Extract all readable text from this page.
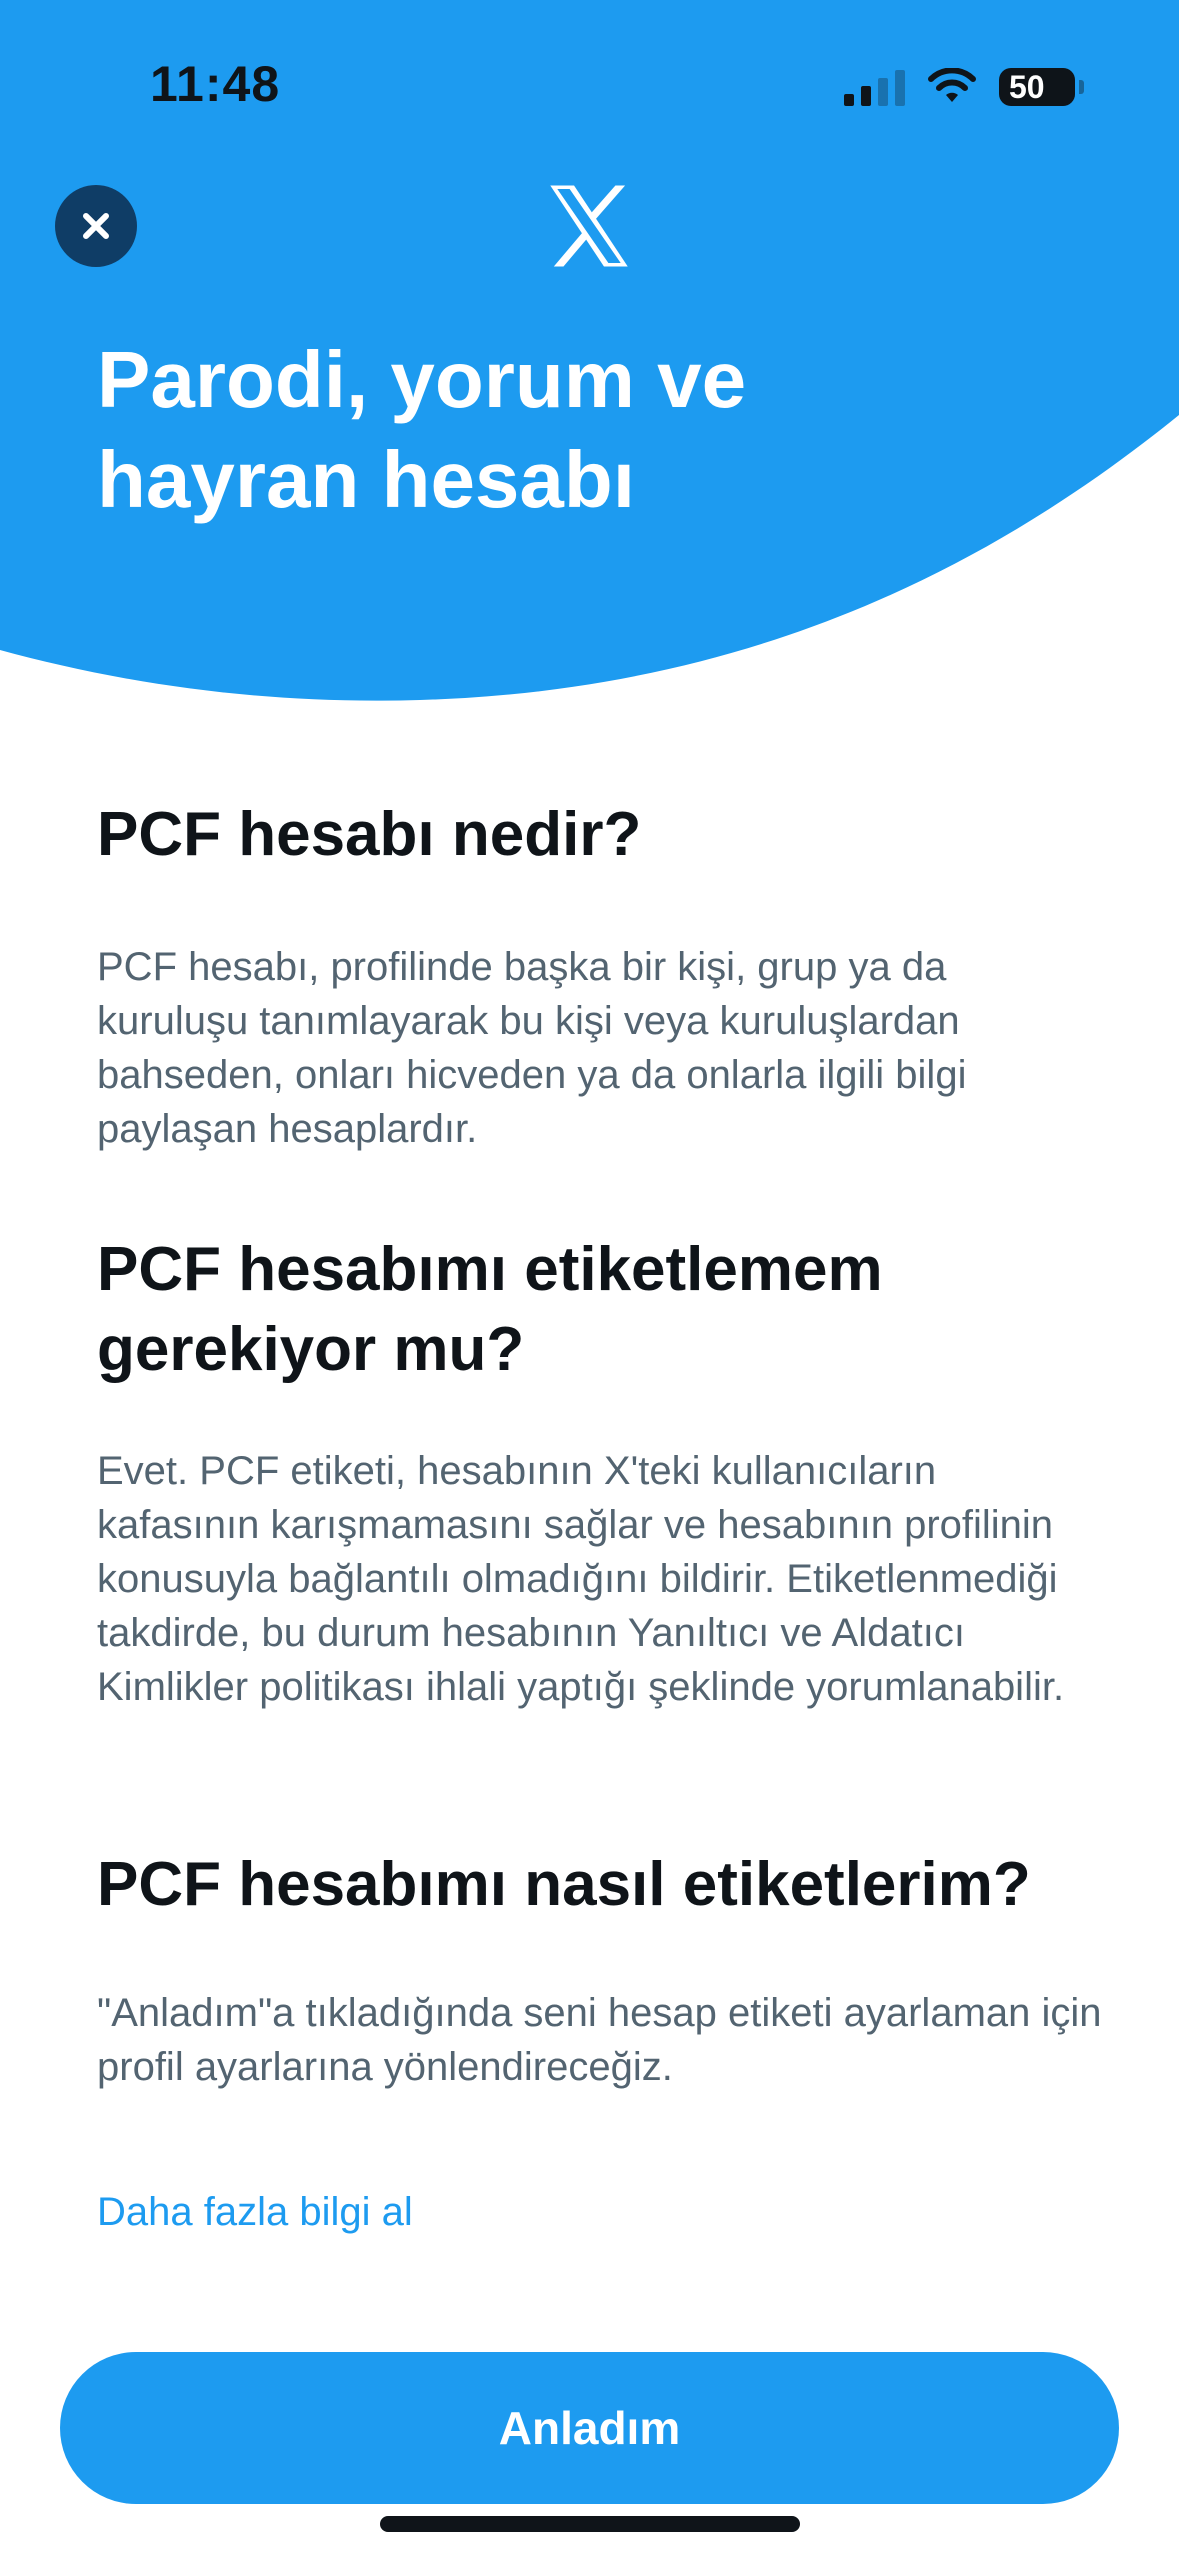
11:48	50
Parodi, yorum ve hayran hesabı
PCF hesabı nedir?

PCF hesabı, profilinde başka bir kişi, grup ya da kuruluşu tanımlayarak bu kişi veya kuruluşlardan bahseden, onları hicveden ya da onlarla ilgili bilgi paylaşan hesaplardır.

PCF hesabımı etiketlemem gerekiyor mu?

Evet. PCF etiketi, hesabının X'teki kullanıcıların kafasının karışmamasını sağlar ve hesabının profilinin konusuyla bağlantılı olmadığını bildirir. Etiketlenmediği takdirde, bu durum hesabının Yanıltıcı ve Aldatıcı Kimlikler politikası ihlali yaptığı şeklinde yorumlanabilir.

PCF hesabımı nasıl etiketlerim?

"Anladım"a tıkladığında seni hesap etiketi ayarlaman için profil ayarlarına yönlendireceğiz.

Daha fazla bilgi al
Anladım
